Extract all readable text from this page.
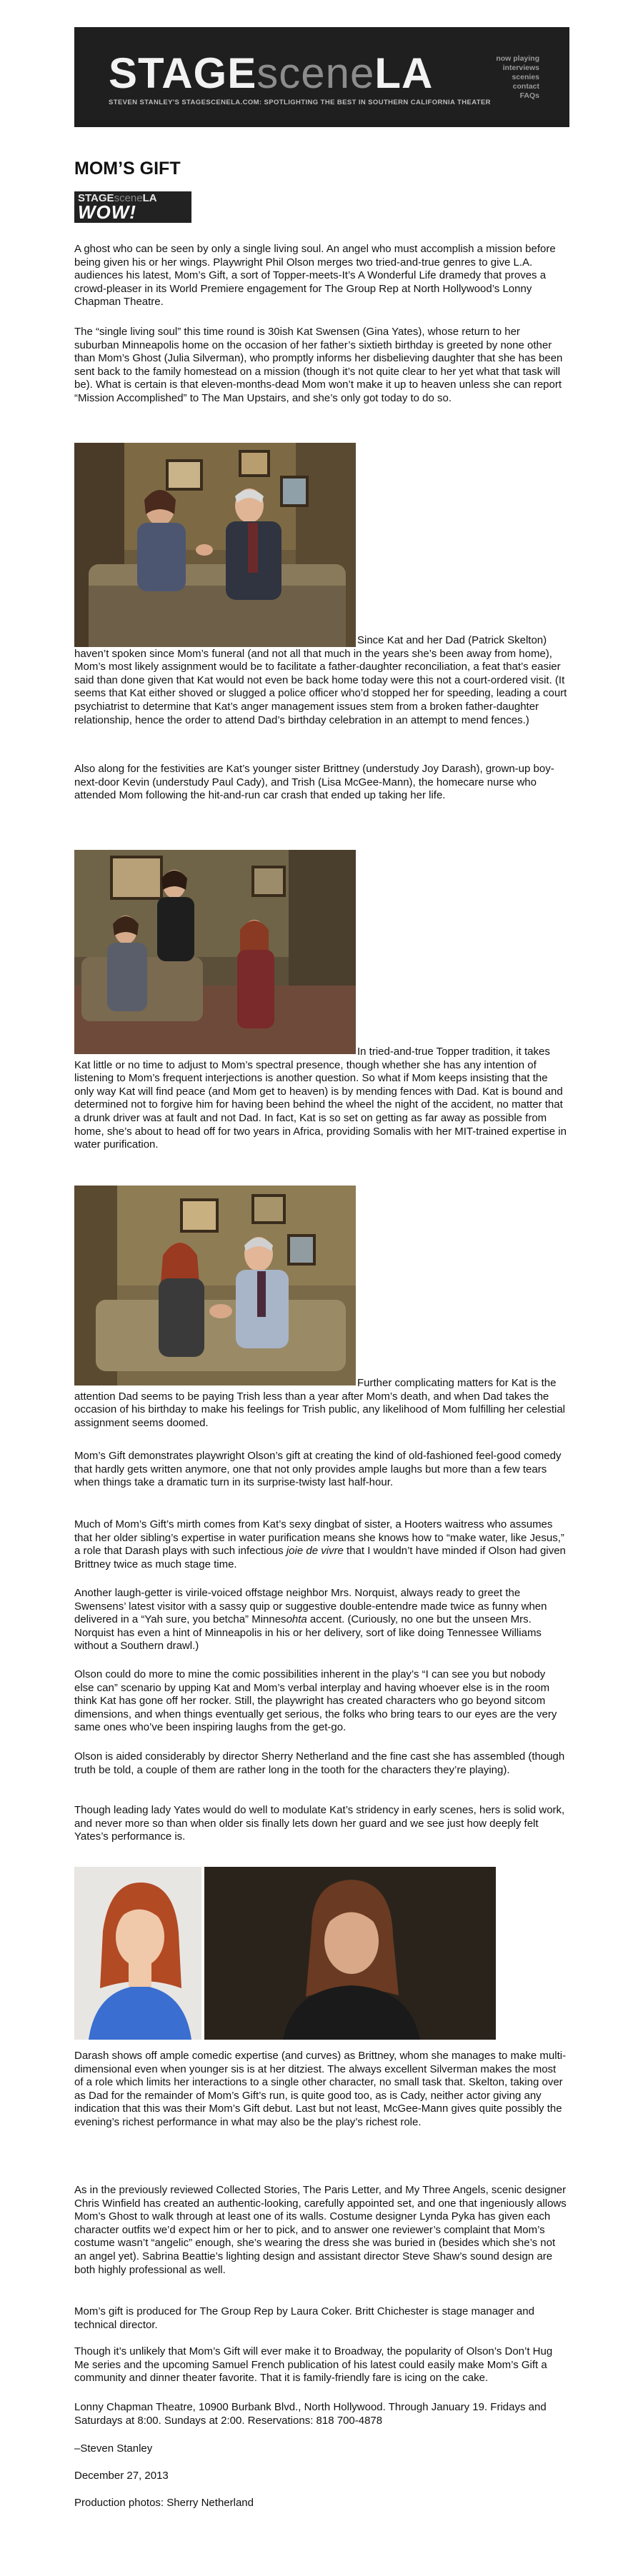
STAGEsceneLA
STEVEN STANLEY'S STAGESCENELA.COM: SPOTLIGHTING THE BEST IN SOUTHERN CALIFORNIA THEATER
now playing
interviews
scenies
contact
FAQs
MOM’S GIFT
STAGEsceneLA
WOW!

A ghost who can be seen by only a single living soul. An angel who must accomplish a mission before being given his or her wings. Playwright Phil Olson merges two tried-and-true genres to give L.A. audiences his latest, Mom’s Gift, a sort of Topper-meets-It’s A Wonderful Life dramedy that proves a crowd-pleaser in its World Premiere engagement for The Group Rep at North Hollywood’s Lonny Chapman Theatre.

The “single living soul” this time round is 30ish Kat Swensen (Gina Yates), whose return to her suburban Minneapolis home on the occasion of her father’s sixtieth birthday is greeted by none other than Mom’s Ghost (Julia Silverman), who promptly informs her disbelieving daughter that she has been sent back to the family homestead on a mission (though it’s not quite clear to her yet what that task will be). What is certain is that eleven-months-dead Mom won’t make it up to heaven unless she can report “Mission Accomplished” to The Man Upstairs, and she’s only got today to do so.

Since Kat and her Dad (Patrick Skelton) haven’t spoken since Mom’s funeral (and not all that much in the years she’s been away from home), Mom’s most likely assignment would be to facilitate a father-daughter reconciliation, a feat that’s easier said than done given that Kat would not even be back home today were this not a court-ordered visit. (It seems that Kat either shoved or slugged a police officer who’d stopped her for speeding, leading a court psychiatrist to determine that Kat’s anger management issues stem from a broken father-daughter relationship, hence the order to attend Dad’s birthday celebration in an attempt to mend fences.)

Also along for the festivities are Kat’s younger sister Brittney (understudy Joy Darash), grown-up boy-next-door Kevin (understudy Paul Cady), and Trish (Lisa McGee-Mann), the homecare nurse who attended Mom following the hit-and-run car crash that ended up taking her life.

In tried-and-true Topper tradition, it takes Kat little or no time to adjust to Mom’s spectral presence, though whether she has any intention of listening to Mom’s frequent interjections is another question. So what if Mom keeps insisting that the only way Kat will find peace (and Mom get to heaven) is by mending fences with Dad. Kat is bound and determined not to forgive him for having been behind the wheel the night of the accident, no matter that a drunk driver was at fault and not Dad. In fact, Kat is so set on getting as far away as possible from home, she’s about to head off for two years in Africa, providing Somalis with her MIT-trained expertise in water purification.

Further complicating matters for Kat is the attention Dad seems to be paying Trish less than a year after Mom’s death, and when Dad takes the occasion of his birthday to make his feelings for Trish public, any likelihood of Mom fulfilling her celestial assignment seems doomed.

Mom’s Gift demonstrates playwright Olson’s gift at creating the kind of old-fashioned feel-good comedy that hardly gets written anymore, one that not only provides ample laughs but more than a few tears when things take a dramatic turn in its surprise-twisty last half-hour.

Much of Mom’s Gift’s mirth comes from Kat’s sexy dingbat of sister, a Hooters waitress who assumes that her older sibling’s expertise in water purification means she knows how to “make water, like Jesus,” a role that Darash plays with such infectious joie de vivre that I wouldn’t have minded if Olson had given Brittney twice as much stage time.

Another laugh-getter is virile-voiced offstage neighbor Mrs. Norquist, always ready to greet the Swensens’ latest visitor with a sassy quip or suggestive double-entendre made twice as funny when delivered in a “Yah sure, you betcha” Minnesohta accent. (Curiously, no one but the unseen Mrs. Norquist has even a hint of Minneapolis in his or her delivery, sort of like doing Tennessee Williams without a Southern drawl.)

Olson could do more to mine the comic possibilities inherent in the play’s “I can see you but nobody else can” scenario by upping Kat and Mom’s verbal interplay and having whoever else is in the room think Kat has gone off her rocker. Still, the playwright has created characters who go beyond sitcom dimensions, and when things eventually get serious, the folks who bring tears to our eyes are the very same ones who’ve been inspiring laughs from the get-go.

Olson is aided considerably by director Sherry Netherland and the fine cast she has assembled (though truth be told, a couple of them are rather long in the tooth for the characters they’re playing).

Though leading lady Yates would do well to modulate Kat’s stridency in early scenes, hers is solid work, and never more so than when older sis finally lets down her guard and we see just how deeply felt Yates’s performance is.

Darash shows off ample comedic expertise (and curves) as Brittney, whom she manages to make multi-dimensional even when younger sis is at her ditziest. The always excellent Silverman makes the most of a role which limits her interactions to a single other character, no small task that. Skelton, taking over as Dad for the remainder of Mom’s Gift’s run, is quite good too, as is Cady, neither actor giving any indication that this was their Mom’s Gift debut. Last but not least, McGee-Mann gives quite possibly the evening’s richest performance in what may also be the play’s richest role.

As in the previously reviewed Collected Stories, The Paris Letter, and My Three Angels, scenic designer Chris Winfield has created an authentic-looking, carefully appointed set, and one that ingeniously allows Mom’s Ghost to walk through at least one of its walls. Costume designer Lynda Pyka has given each character outfits we’d expect him or her to pick, and to answer one reviewer’s complaint that Mom’s costume wasn’t “angelic” enough, she’s wearing the dress she was buried in (besides which she’s not an angel yet). Sabrina Beattie’s lighting design and assistant director Steve Shaw’s sound design are both highly professional as well.

Mom’s gift is produced for The Group Rep by Laura Coker. Britt Chichester is stage manager and technical director.

Though it’s unlikely that Mom’s Gift will ever make it to Broadway, the popularity of Olson’s Don’t Hug Me series and the upcoming Samuel French publication of his latest could easily make Mom’s Gift a community and dinner theater favorite. That it is family-friendly fare is icing on the cake.

Lonny Chapman Theatre, 10900 Burbank Blvd., North Hollywood. Through January 19. Fridays and Saturdays at 8:00. Sundays at 2:00. Reservations: 818 700-4878

–Steven Stanley

December 27, 2013

Production photos: Sherry Netherland
